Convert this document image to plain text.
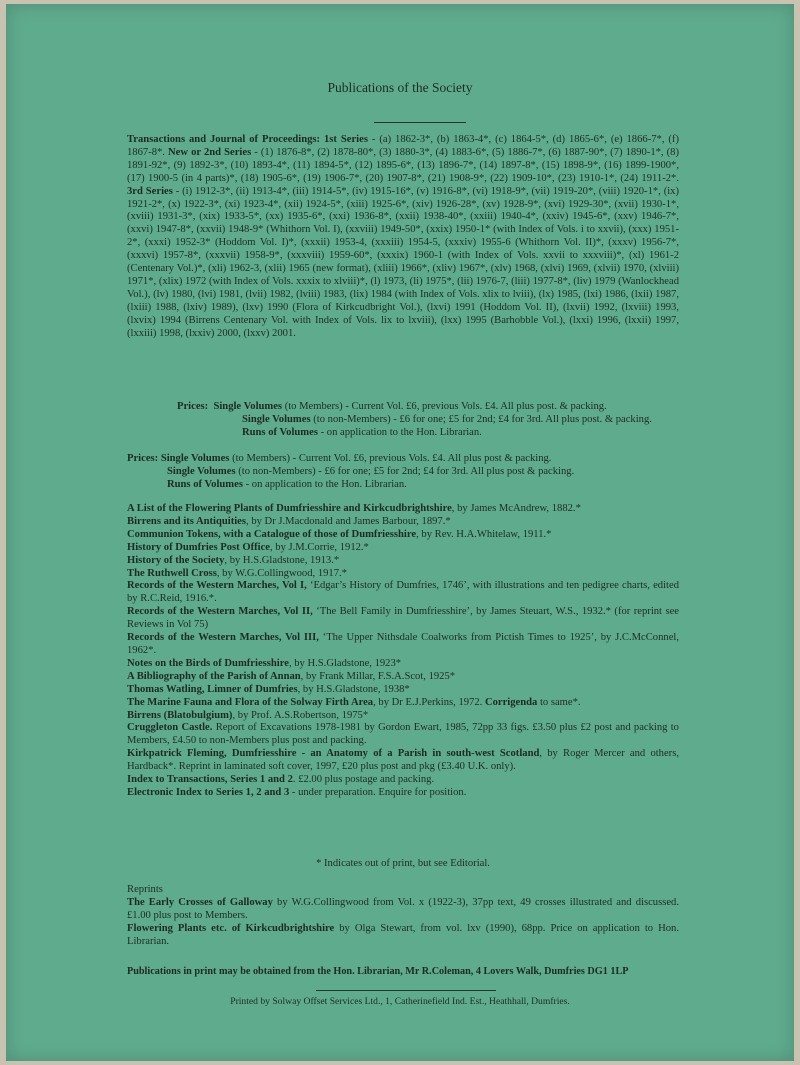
Publications of the Society

Transactions and Journal of Proceedings: 1st Series - (a) 1862-3*, (b) 1863-4*, (c) 1864-5*, (d) 1865-6*, (e) 1866-7*, (f) 1867-8*. New or 2nd Series - (1) 1876-8*, (2) 1878-80*, (3) 1880-3*, (4) 1883-6*, (5) 1886-7*, (6) 1887-90*, (7) 1890-1*, (8) 1891-92*, (9) 1892-3*, (10) 1893-4*, (11) 1894-5*, (12) 1895-6*, (13) 1896-7*, (14) 1897-8*, (15) 1898-9*, (16) 1899-1900*, (17) 1900-5 (in 4 parts)*, (18) 1905-6*, (19) 1906-7*, (20) 1907-8*, (21) 1908-9*, (22) 1909-10*, (23) 1910-1*, (24) 1911-2*. 3rd Series - (i) 1912-3*, (ii) 1913-4*, (iii) 1914-5*, (iv) 1915-16*, (v) 1916-8*, (vi) 1918-9*, (vii) 1919-20*, (viii) 1920-1*, (ix) 1921-2*, (x) 1922-3*, (xi) 1923-4*, (xii) 1924-5*, (xiii) 1925-6*, (xiv) 1926-28*, (xv) 1928-9*, (xvi) 1929-30*, (xvii) 1930-1*, (xviii) 1931-3*, (xix) 1933-5*, (xx) 1935-6*, (xxi) 1936-8*, (xxii) 1938-40*, (xxiii) 1940-4*, (xxiv) 1945-6*, (xxv) 1946-7*, (xxvi) 1947-8*, (xxvii) 1948-9* (Whithorn Vol. I), (xxviii) 1949-50*, (xxix) 1950-1* (with Index of Vols. i to xxvii), (xxx) 1951-2*, (xxxi) 1952-3* (Hoddom Vol. I)*, (xxxii) 1953-4, (xxxiii) 1954-5, (xxxiv) 1955-6 (Whithorn Vol. II)*, (xxxv) 1956-7*, (xxxvi) 1957-8*, (xxxvii) 1958-9*, (xxxviii) 1959-60*, (xxxix) 1960-1 (with Index of Vols. xxvii to xxxviii)*, (xl) 1961-2 (Centenary Vol.)*, (xli) 1962-3, (xlii) 1965 (new format), (xliii) 1966*, (xliv) 1967*, (xlv) 1968, (xlvi) 1969, (xlvii) 1970, (xlviii) 1971*, (xlix) 1972 (with Index of Vols. xxxix to xlviii)*, (l) 1973, (li) 1975*, (lii) 1976-7, (liii) 1977-8*, (liv) 1979 (Wanlockhead Vol.), (lv) 1980, (lvi) 1981, (lvii) 1982, (lviii) 1983, (lix) 1984 (with Index of Vols. xlix to lviii), (lx) 1985, (lxi) 1986, (lxii) 1987, (lxiii) 1988, (lxiv) 1989), (lxv) 1990 (Flora of Kirkcudbright Vol.), (lxvi) 1991 (Hoddom Vol. II), (lxvii) 1992, (lxviii) 1993, (lxvix) 1994 (Birrens Centenary Vol. with Index of Vols. lix to lxviii), (lxx) 1995 (Barhobble Vol.), (lxxi) 1996, (lxxii) 1997, (lxxiii) 1998, (lxxiv) 2000, (lxxv) 2001.

Prices: Single Volumes (to Members) - Current Vol. £6, previous Vols. £4. All plus post. & packing.
Single Volumes (to non-Members) - £6 for one; £5 for 2nd; £4 for 3rd. All plus post. & packing.
Runs of Volumes - on application to the Hon. Librarian.
Prices: Single Volumes (to Members) - Current Vol. £6, previous Vols. £4. All plus post & packing.
Single Volumes (to non-Members) - £6 for one; £5 for 2nd; £4 for 3rd. All plus post & packing.
Runs of Volumes - on application to the Hon. Librarian.

A List of the Flowering Plants of Dumfriesshire and Kirkcudbrightshire, by James McAndrew, 1882.*

Birrens and its Antiquities, by Dr J.Macdonald and James Barbour, 1897.*

Communion Tokens, with a Catalogue of those of Dumfriesshire, by Rev. H.A.Whitelaw, 1911.*

History of Dumfries Post Office, by J.M.Corrie, 1912.*

History of the Society, by H.S.Gladstone, 1913.*

The Ruthwell Cross, by W.G.Collingwood, 1917.*

Records of the Western Marches, Vol I, ‘Edgar’s History of Dumfries, 1746’, with illustrations and ten pedigree charts, edited by R.C.Reid, 1916.*.

Records of the Western Marches, Vol II, ‘The Bell Family in Dumfriesshire’, by James Steuart, W.S., 1932.* (for reprint see Reviews in Vol 75)

Records of the Western Marches, Vol III, ‘The Upper Nithsdale Coalworks from Pictish Times to 1925’, by J.C.McConnel, 1962*.

Notes on the Birds of Dumfriesshire, by H.S.Gladstone, 1923*

A Bibliography of the Parish of Annan, by Frank Millar, F.S.A.Scot, 1925*

Thomas Watling, Limner of Dumfries, by H.S.Gladstone, 1938*

The Marine Fauna and Flora of the Solway Firth Area, by Dr E.J.Perkins, 1972. Corrigenda to same*.

Birrens (Blatobulgium), by Prof. A.S.Robertson, 1975*

Cruggleton Castle. Report of Excavations 1978-1981 by Gordon Ewart, 1985, 72pp 33 figs. £3.50 plus £2 post and packing to Members, £4.50 to non-Members plus post and packing.

Kirkpatrick Fleming, Dumfriesshire - an Anatomy of a Parish in south-west Scotland, by Roger Mercer and others, Hardback*. Reprint in laminated soft cover, 1997, £20 plus post and pkg (£3.40 U.K. only).

Index to Transactions, Series 1 and 2. £2.00 plus postage and packing.

Electronic Index to Series 1, 2 and 3 - under preparation. Enquire for position.

* Indicates out of print, but see Editorial.
Reprints

The Early Crosses of Galloway by W.G.Collingwood from Vol. x (1922-3), 37pp text, 49 crosses illustrated and discussed. £1.00 plus post to Members.

Flowering Plants etc. of Kirkcudbrightshire by Olga Stewart, from vol. lxv (1990), 68pp. Price on application to Hon. Librarian.

Publications in print may be obtained from the Hon. Librarian, Mr R.Coleman, 4 Lovers Walk, Dumfries DG1 1LP
Printed by Solway Offset Services Ltd., 1, Catherinefield Ind. Est., Heathhall, Dumfries.
